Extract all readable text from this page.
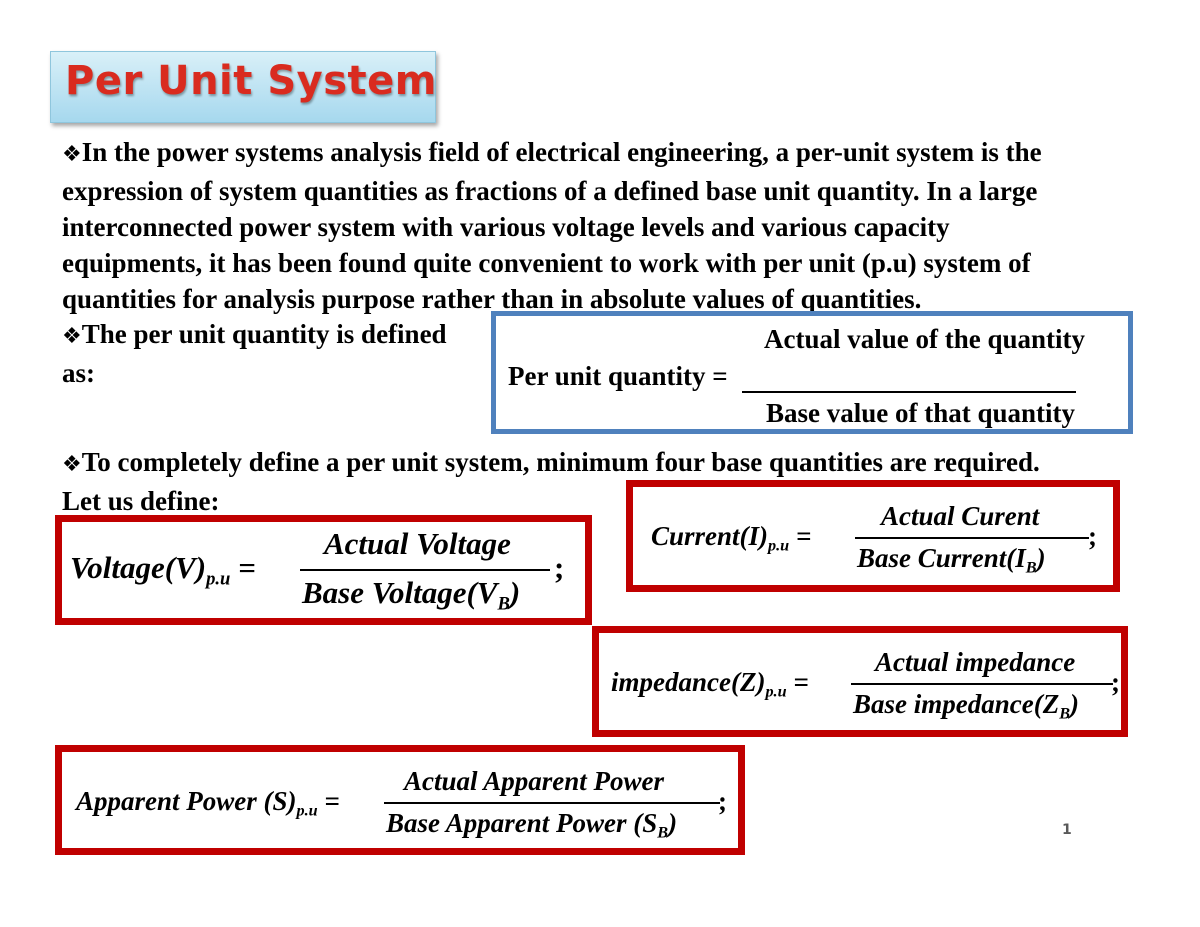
Per Unit System
❖In the power systems analysis field of electrical engineering, a per-unit system is the
expression of system quantities as fractions of a defined base unit quantity. In a large
interconnected power system with various voltage levels and various capacity
equipments, it has been found quite convenient to work with per unit (p.u) system of
quantities for analysis purpose rather than in absolute values of quantities.
❖The per unit quantity is defined
as:
Actual value of the quantity
Per unit quantity =
Base value of that quantity
❖To completely define a per unit system, minimum four base quantities are required.
Let us define:
$Voltage(V)_{p.u}$ =
Actual Voltage
Base $Voltage(V_B)$
;
$Current(I)_{p.u}$ =
Actual Curent
Base $Current(I_B)$
;
$impedance(Z)_{p.u}$ =
Actual impedance
Base $impedance(Z_B)$
;
Apparent Power $(S)_{p.u}$ =
Actual Apparent Power
Base Apparent Power $(S_B)$
;
1
